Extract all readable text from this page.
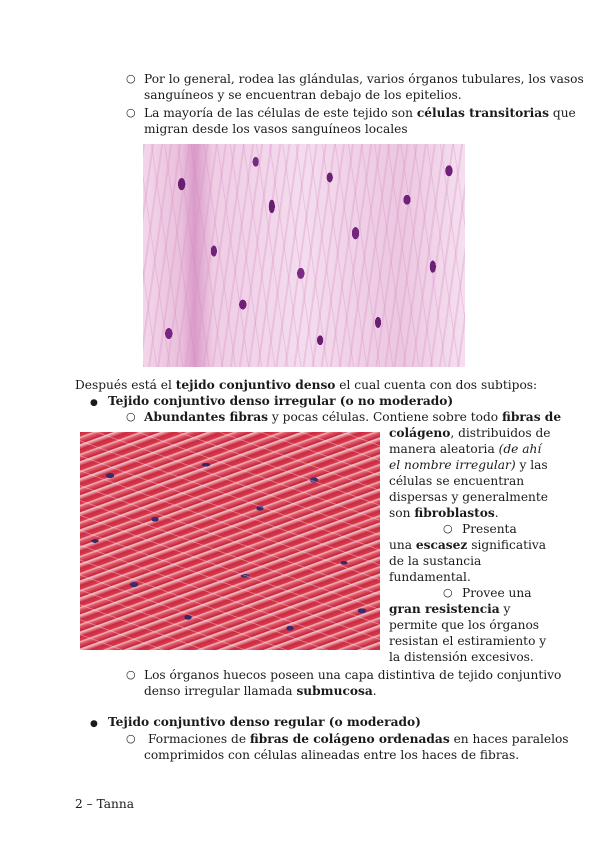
○ Por lo general, rodea las glándulas, varios órganos tubulares, los vasos
sanguíneos y se encuentran debajo de los epitelios.
○ La mayoría de las células de este tejido son células transitorias que
migran desde los vasos sanguíneos locales
Después está el tejido conjuntivo denso el cual cuenta con dos subtipos:
● Tejido conjuntivo denso irregular (o no moderado)
○ Abundantes fibras y pocas células. Contiene sobre todo fibras de
colágeno, distribuidos de
manera aleatoria (de ahí
el nombre irregular) y las
células se encuentran
dispersas y generalmente
son fibroblastos.
○ Presenta
una escasez significativa
de la sustancia
fundamental.
○ Provee una
gran resistencia y
permite que los órganos
resistan el estiramiento y
la distensión excesivos.
○ Los órganos huecos poseen una capa distintiva de tejido conjuntivo
denso irregular llamada submucosa.
● Tejido conjuntivo denso regular (o moderado)
○ Formaciones de fibras de colágeno ordenadas en haces paralelos
comprimidos con células alineadas entre los haces de fibras.
2 – Tanna
